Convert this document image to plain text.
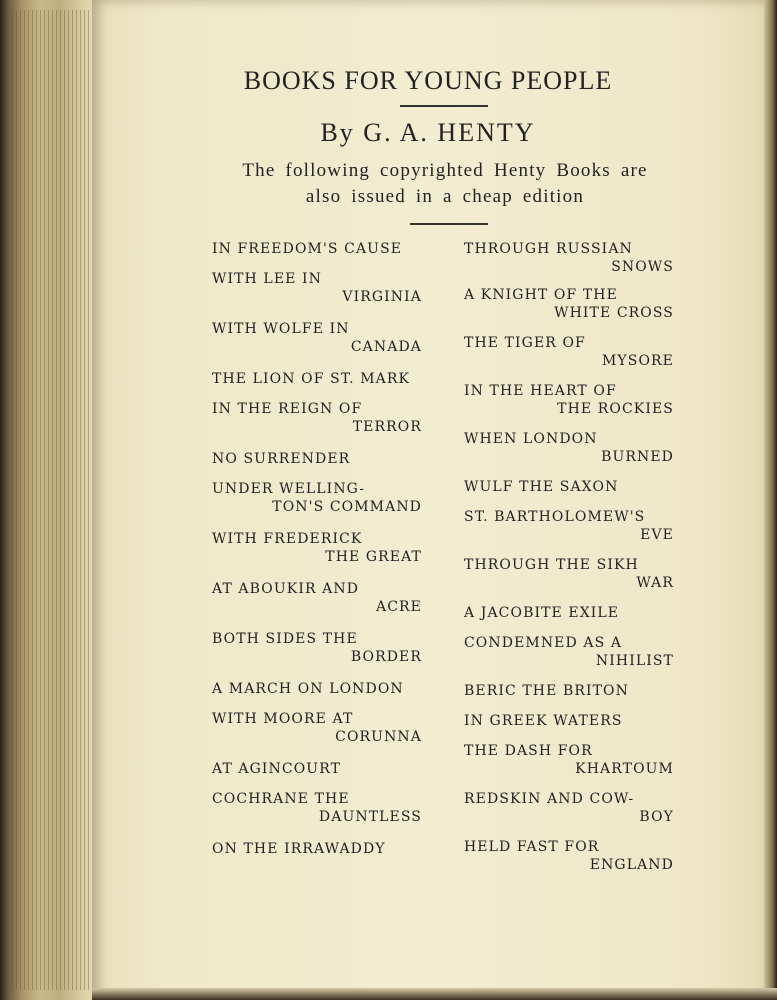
BOOKS FOR YOUNG PEOPLE
By G. A. HENTY
The following copyrighted Henty Books are
also issued in a cheap edition
IN FREEDOM'S CAUSE
WITH LEE IN
VIRGINIA
WITH WOLFE IN
CANADA
THE LION OF ST. MARK
IN THE REIGN OF
TERROR
NO SURRENDER
UNDER WELLING-
TON'S COMMAND
WITH FREDERICK
THE GREAT
AT ABOUKIR AND
ACRE
BOTH SIDES THE
BORDER
A MARCH ON LONDON
WITH MOORE AT
CORUNNA
AT AGINCOURT
COCHRANE THE
DAUNTLESS
ON THE IRRAWADDY
THROUGH RUSSIAN
SNOWS
A KNIGHT OF THE
WHITE CROSS
THE TIGER OF
MYSORE
IN THE HEART OF
THE ROCKIES
WHEN LONDON
BURNED
WULF THE SAXON
ST. BARTHOLOMEW'S
EVE
THROUGH THE SIKH
WAR
A JACOBITE EXILE
CONDEMNED AS A
NIHILIST
BERIC THE BRITON
IN GREEK WATERS
THE DASH FOR
KHARTOUM
REDSKIN AND COW-
BOY
HELD FAST FOR
ENGLAND
